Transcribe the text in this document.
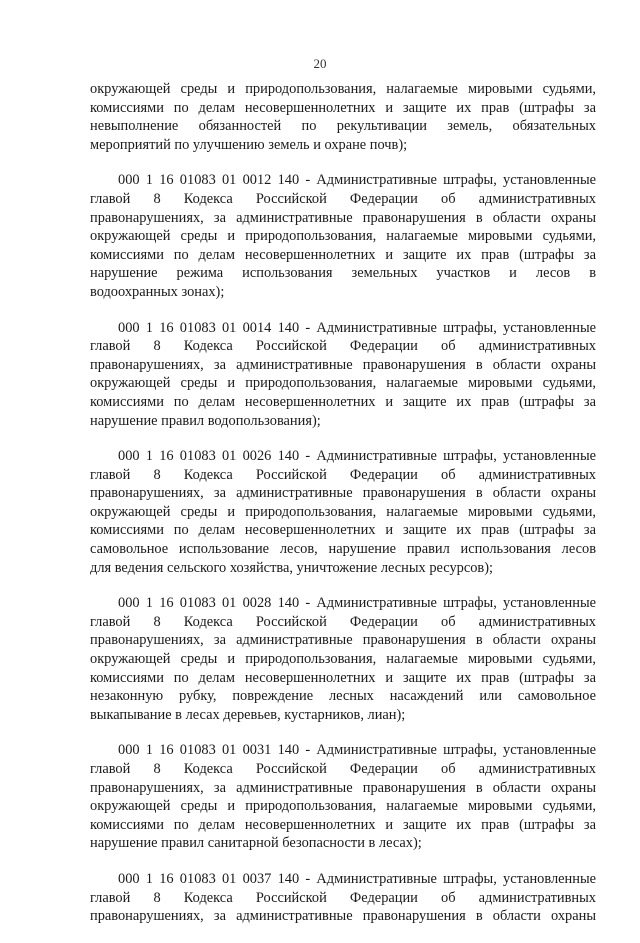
20
окружающей среды и природопользования, налагаемые мировыми судьями,
комиссиями по делам несовершеннолетних и защите их прав (штрафы за
невыполнение обязанностей по рекультивации земель, обязательных
мероприятий по улучшению земель и охране почв);
000 1 16 01083 01 0012 140 - Административные штрафы, установленные
главой 8 Кодекса Российской Федерации об административных
правонарушениях, за административные правонарушения в области охраны
окружающей среды и природопользования, налагаемые мировыми судьями,
комиссиями по делам несовершеннолетних и защите их прав (штрафы за
нарушение режима использования земельных участков и лесов в
водоохранных зонах);
000 1 16 01083 01 0014 140 - Административные штрафы, установленные
главой 8 Кодекса Российской Федерации об административных
правонарушениях, за административные правонарушения в области охраны
окружающей среды и природопользования, налагаемые мировыми судьями,
комиссиями по делам несовершеннолетних и защите их прав (штрафы за
нарушение правил водопользования);
000 1 16 01083 01 0026 140 - Административные штрафы, установленные
главой 8 Кодекса Российской Федерации об административных
правонарушениях, за административные правонарушения в области охраны
окружающей среды и природопользования, налагаемые мировыми судьями,
комиссиями по делам несовершеннолетних и защите их прав (штрафы за
самовольное использование лесов, нарушение правил использования лесов
для ведения сельского хозяйства, уничтожение лесных ресурсов);
000 1 16 01083 01 0028 140 - Административные штрафы, установленные
главой 8 Кодекса Российской Федерации об административных
правонарушениях, за административные правонарушения в области охраны
окружающей среды и природопользования, налагаемые мировыми судьями,
комиссиями по делам несовершеннолетних и защите их прав (штрафы за
незаконную рубку, повреждение лесных насаждений или самовольное
выкапывание в лесах деревьев, кустарников, лиан);
000 1 16 01083 01 0031 140 - Административные штрафы, установленные
главой 8 Кодекса Российской Федерации об административных
правонарушениях, за административные правонарушения в области охраны
окружающей среды и природопользования, налагаемые мировыми судьями,
комиссиями по делам несовершеннолетних и защите их прав (штрафы за
нарушение правил санитарной безопасности в лесах);
000 1 16 01083 01 0037 140 - Административные штрафы, установленные
главой 8 Кодекса Российской Федерации об административных
правонарушениях, за административные правонарушения в области охраны
